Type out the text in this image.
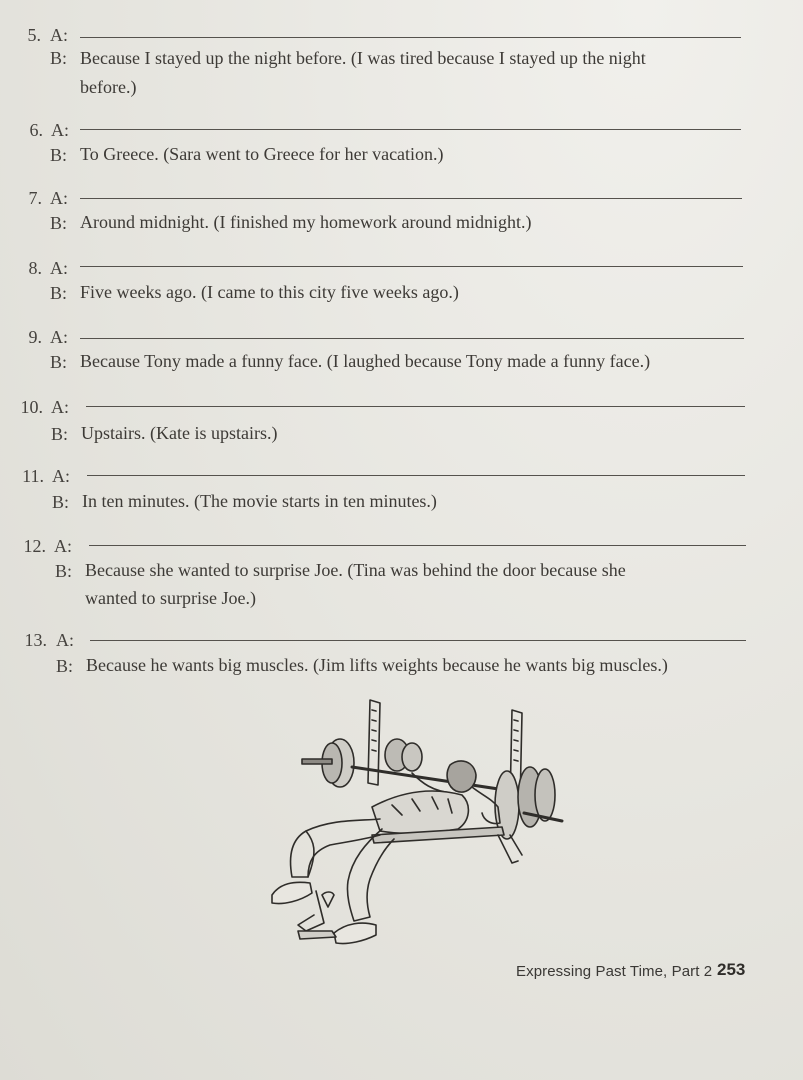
5. A:
B: Because I stayed up the night before. (I was tired because I stayed up the night
before.)
6. A:
B: To Greece. (Sara went to Greece for her vacation.)
7. A:
B: Around midnight. (I finished my homework around midnight.)
8. A:
B: Five weeks ago. (I came to this city five weeks ago.)
9. A:
B: Because Tony made a funny face. (I laughed because Tony made a funny face.)
10. A:
B: Upstairs. (Kate is upstairs.)
11. A:
B: In ten minutes. (The movie starts in ten minutes.)
12. A:
B: Because she wanted to surprise Joe. (Tina was behind the door because she
wanted to surprise Joe.)
13. A:
B: Because he wants big muscles. (Jim lifts weights because he wants big muscles.)
Expressing Past Time, Part 2 253
